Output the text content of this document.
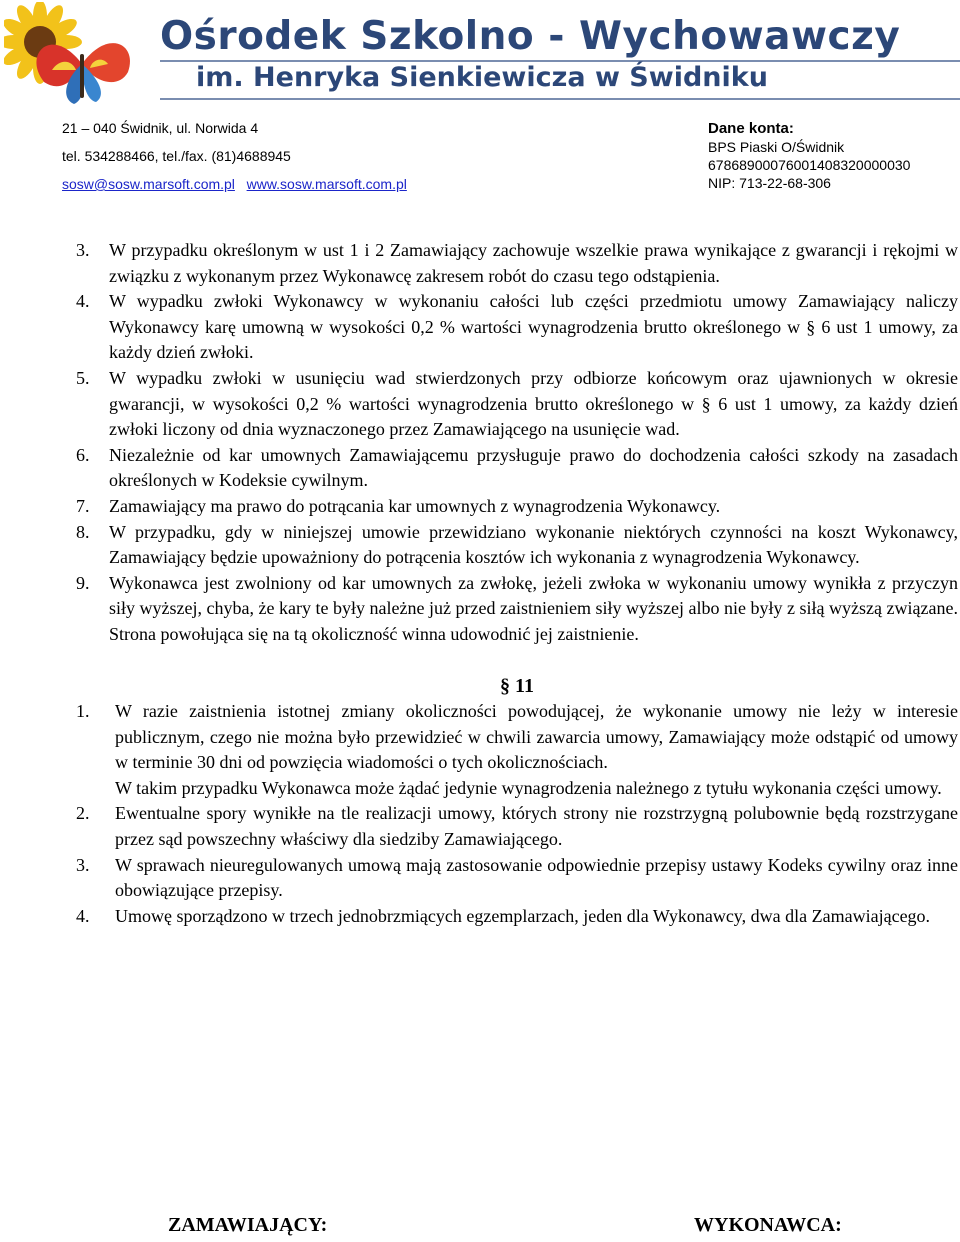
Ośrodek Szkolno - Wychowawczy
im. Henryka Sienkiewicza w Świdniku
21 – 040 Świdnik, ul. Norwida 4
tel. 534288466, tel./fax. (81)4688945
sosw@sosw.marsoft.com.pl www.sosw.marsoft.com.pl
Dane konta:
BPS Piaski O/Świdnik
67868900076001408320000030
NIP: 713-22-68-306
3.	W przypadku określonym w ust 1 i 2 Zamawiający zachowuje wszelkie prawa wynikające z gwarancji i rękojmi w związku z wykonanym przez Wykonawcę zakresem robót do czasu tego odstąpienia.
4.	W wypadku zwłoki Wykonawcy w wykonaniu całości lub części przedmiotu umowy Zamawiający naliczy Wykonawcy karę umowną w wysokości 0,2 % wartości wynagrodzenia brutto określonego w § 6 ust 1 umowy, za każdy dzień zwłoki.
5.	W wypadku zwłoki w usunięciu wad stwierdzonych przy odbiorze końcowym oraz ujawnionych w okresie gwarancji, w wysokości 0,2 % wartości wynagrodzenia brutto określonego w § 6 ust 1 umowy, za każdy dzień zwłoki liczony od dnia wyznaczonego przez Zamawiającego na usunięcie wad.
6.	Niezależnie od kar umownych Zamawiającemu przysługuje prawo do dochodzenia całości szkody na zasadach określonych w Kodeksie cywilnym.
7.	Zamawiający ma prawo do potrącania kar umownych z wynagrodzenia Wykonawcy.
8.	W przypadku, gdy w niniejszej umowie przewidziano wykonanie niektórych czynności na koszt Wykonawcy, Zamawiający będzie upoważniony do potrącenia kosztów ich wykonania z wynagrodzenia Wykonawcy.
9.	Wykonawca jest zwolniony od kar umownych za zwłokę, jeżeli zwłoka w wykonaniu umowy wynikła z przyczyn siły wyższej, chyba, że kary te były należne już przed zaistnieniem siły wyższej albo nie były z siłą wyższą związane. Strona powołująca się na tą okoliczność winna udowodnić jej zaistnienie.
§ 11
1.	W razie zaistnienia istotnej zmiany okoliczności powodującej, że wykonanie umowy nie leży w interesie publicznym, czego nie można było przewidzieć w chwili zawarcia umowy, Zamawiający może odstąpić od umowy w terminie 30 dni od powzięcia wiadomości o tych okolicznościach.
W takim przypadku Wykonawca może żądać jedynie wynagrodzenia należnego z tytułu wykonania części umowy.
2.	Ewentualne spory wynikłe na tle realizacji umowy, których strony nie rozstrzygną polubownie będą rozstrzygane przez sąd powszechny właściwy dla siedziby Zamawiającego.
3.	W sprawach nieuregulowanych umową mają zastosowanie odpowiednie przepisy ustawy Kodeks cywilny oraz inne obowiązujące przepisy.
4.	Umowę sporządzono w trzech jednobrzmiących egzemplarzach, jeden dla Wykonawcy, dwa dla Zamawiającego.
ZAMAWIAJĄCY:	WYKONAWCA:
